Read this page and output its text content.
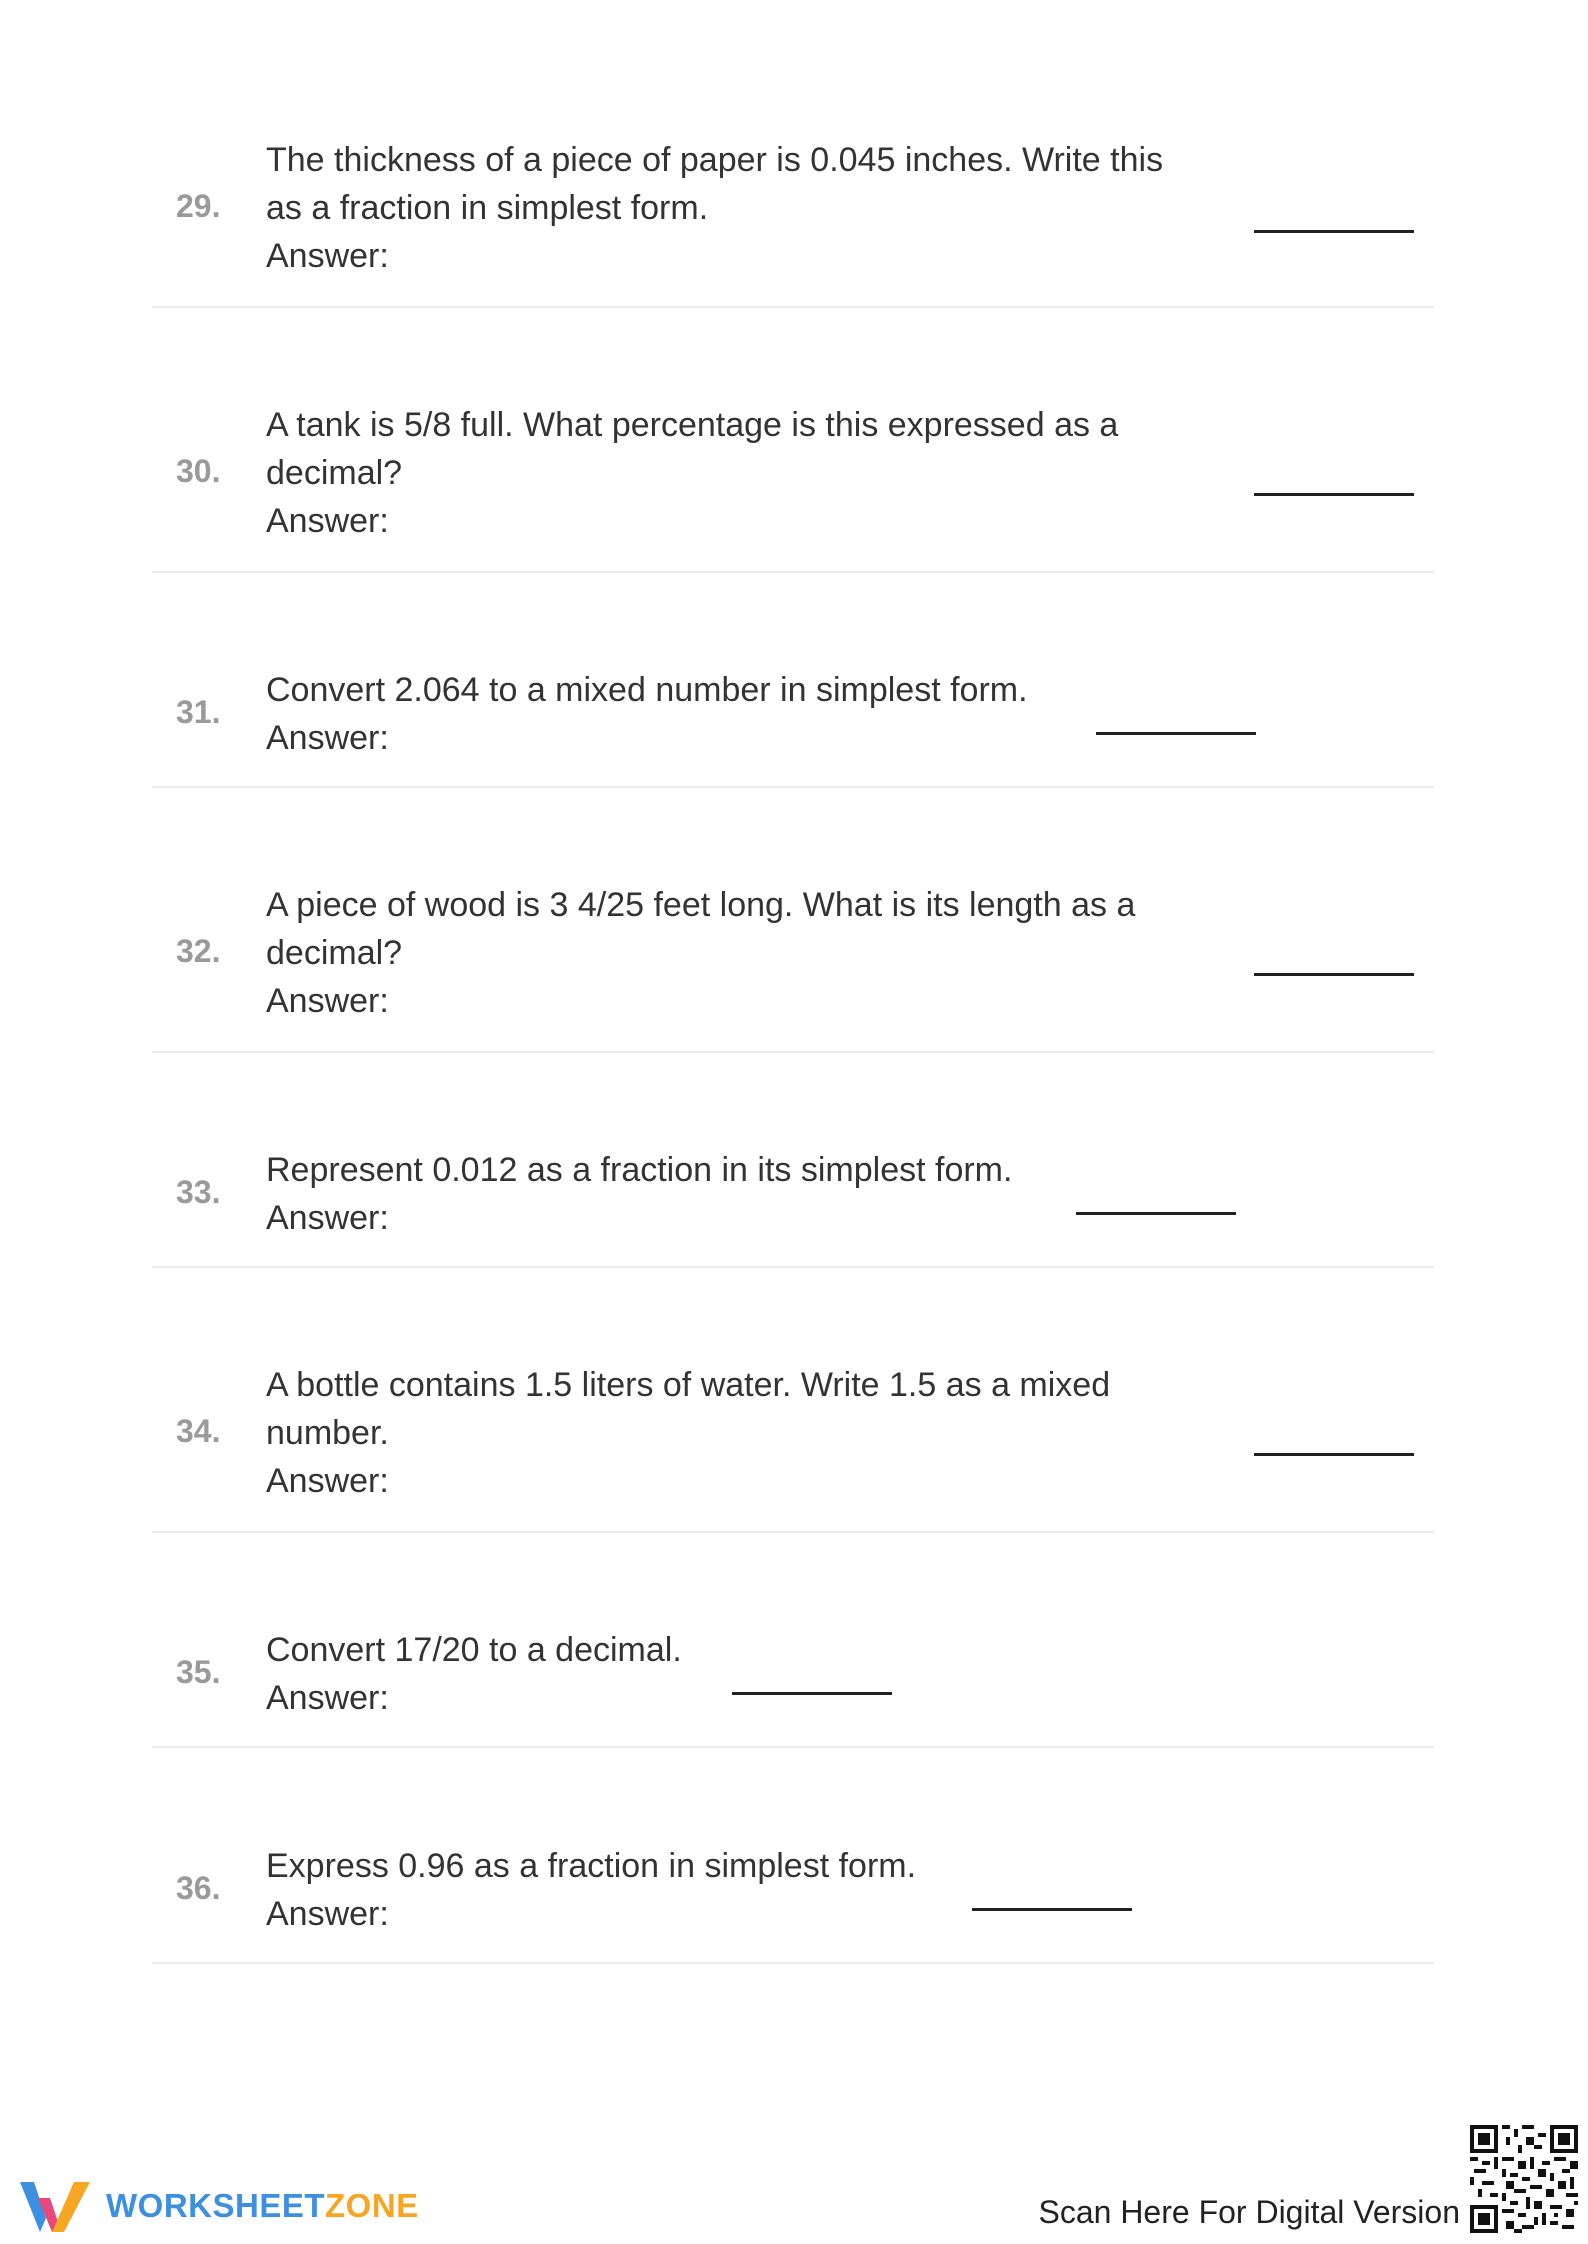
29.
The thickness of a piece of paper is 0.045 inches. Write this
as a fraction in simplest form.
Answer:
30.
A tank is 5/8 full. What percentage is this expressed as a
decimal?
Answer:
31.
Convert 2.064 to a mixed number in simplest form.
Answer:
32.
A piece of wood is 3 4/25 feet long. What is its length as a
decimal?
Answer:
33.
Represent 0.012 as a fraction in its simplest form.
Answer:
34.
A bottle contains 1.5 liters of water. Write 1.5 as a mixed
number.
Answer:
35.
Convert 17/20 to a decimal.
Answer:
36.
Express 0.96 as a fraction in simplest form.
Answer:
WORKSHEETZONE	Scan Here For Digital Version
